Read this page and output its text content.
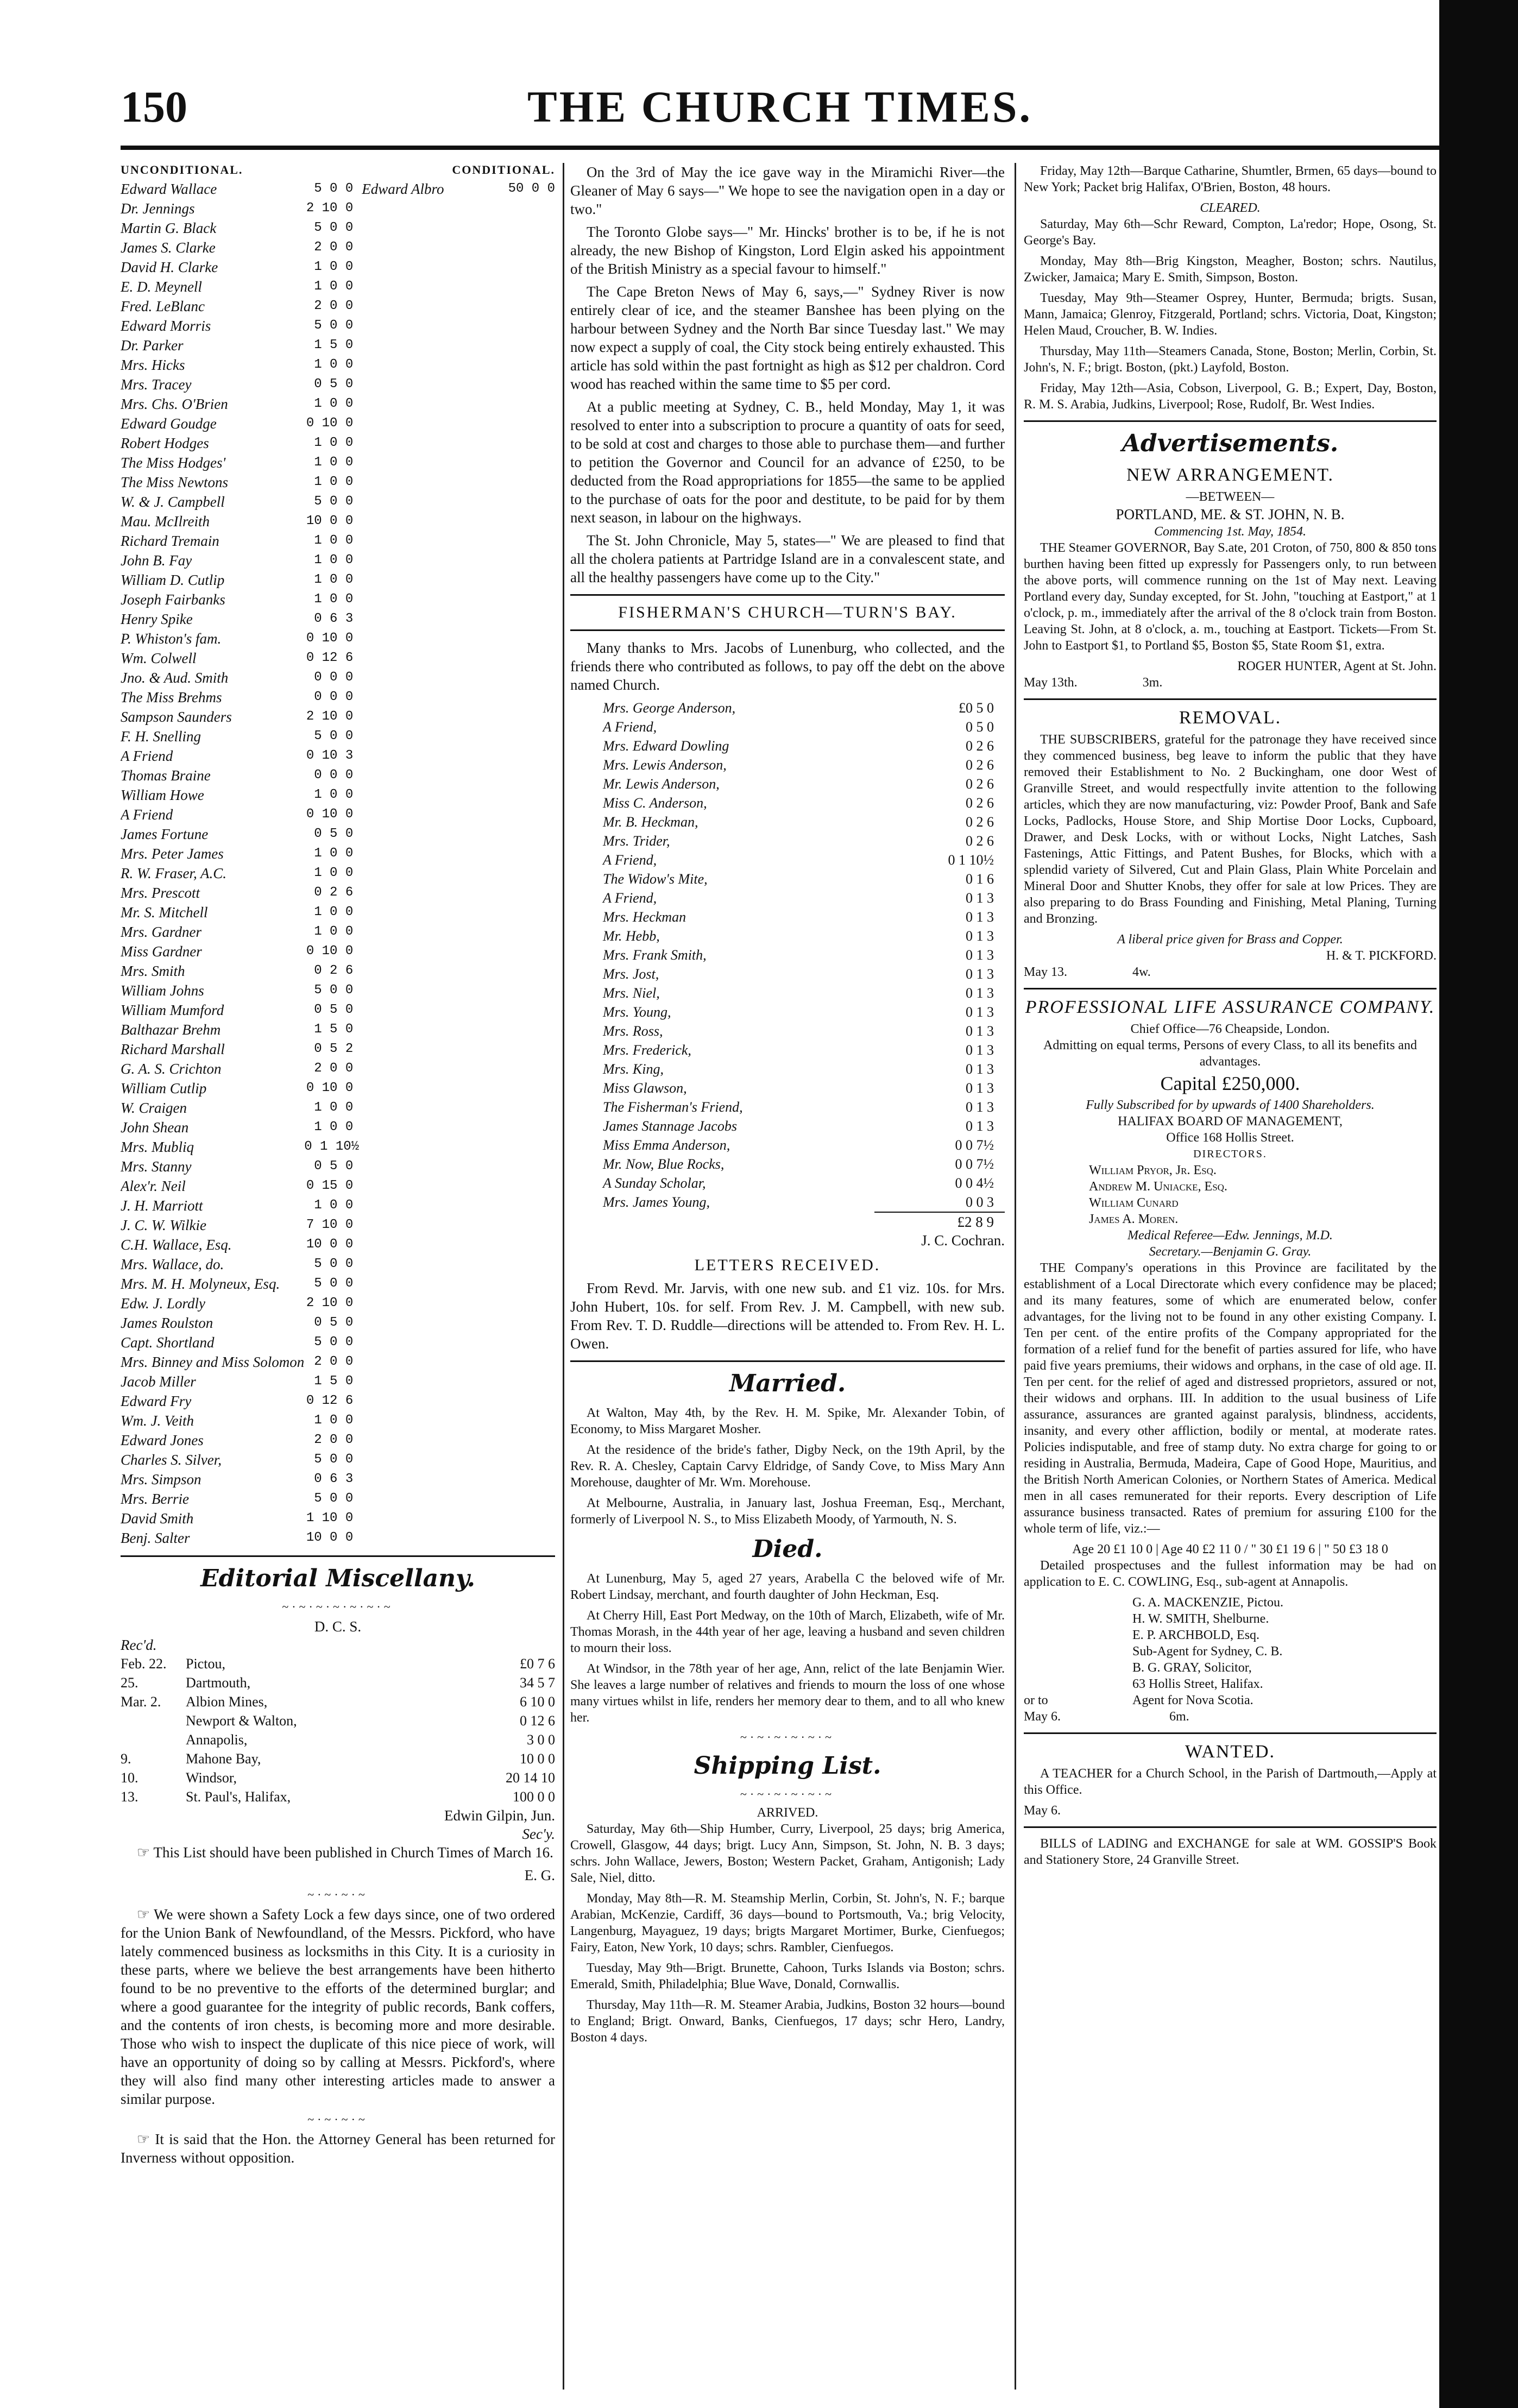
150	THE CHURCH TIMES.
UNCONDITIONAL.	CONDITIONAL.
Edward Wallace	5 0 0
Dr. Jennings	2 10 0
Martin G. Black	5 0 0
James S. Clarke	2 0 0
David H. Clarke	1 0 0
E. D. Meynell	1 0 0
Fred. LeBlanc	2 0 0
Edward Morris	5 0 0
Dr. Parker	1 5 0
Mrs. Hicks	1 0 0
Mrs. Tracey	0 5 0
Mrs. Chs. O'Brien	1 0 0
Edward Goudge	0 10 0
Robert Hodges	1 0 0
The Miss Hodges'	1 0 0
The Miss Newtons	1 0 0
W. & J. Campbell	5 0 0
Mau. McIlreith	10 0 0
Richard Tremain	1 0 0
John B. Fay	1 0 0
William D. Cutlip	1 0 0
Joseph Fairbanks	1 0 0
Henry Spike	0 6 3
P. Whiston's fam.	0 10 0
Wm. Colwell	0 12 6
Jno. & Aud. Smith	0 0 0
The Miss Brehms	0 0 0
Sampson Saunders	2 10 0
F. H. Snelling	5 0 0
A Friend	0 10 3
Thomas Braine	0 0 0
William Howe	1 0 0
A Friend	0 10 0
James Fortune	0 5 0
Mrs. Peter James	1 0 0
R. W. Fraser, A.C.	1 0 0
Mrs. Prescott	0 2 6
Mr. S. Mitchell	1 0 0
Mrs. Gardner	1 0 0
Miss Gardner	0 10 0
Mrs. Smith	0 2 6
William Johns	5 0 0
William Mumford	0 5 0
Balthazar Brehm	1 5 0
Richard Marshall	0 5 2
G. A. S. Crichton	2 0 0
William Cutlip	0 10 0
W. Craigen	1 0 0
John Shean	1 0 0
Mrs. Mubliq	0 1 10½
Mrs. Stanny	0 5 0
Alex'r. Neil	0 15 0
J. H. Marriott	1 0 0
J. C. W. Wilkie	7 10 0
C.H. Wallace, Esq.	10 0 0
Mrs. Wallace, do.	5 0 0
Mrs. M. H. Molyneux, Esq.	5 0 0
Edw. J. Lordly	2 10 0
James Roulston	0 5 0
Capt. Shortland	5 0 0
Mrs. Binney and Miss Solomon 2 0 0
Jacob Miller	1 5 0
Edward Fry	0 12 6
Wm. J. Veith	1 0 0
Edward Jones	2 0 0
Charles S. Silver,	5 0 0
Mrs. Simpson	0 6 3
Mrs. Berrie	5 0 0
David Smith	1 10 0
Benj. Salter	10 0 0
Edward Albro	50 0 0
Editorial Miscellany.
~·~·~·~·~·~·~
D. C. S.
Rec'd.
Feb. 22.	Pictou,	£0 7 6
25.	Dartmouth,	34 5 7
Mar. 2.	Albion Mines,	6 10 0
Newport & Walton,	0 12 6
Annapolis,	3 0 0
9.	Mahone Bay,	10 0 0
10.	Windsor,	20 14 10
13.	St. Paul's, Halifax,	100 0 0
Edwin Gilpin, Jun.
Sec'y.

☞ This List should have been published in Church Times of March 16.

E. G.
~·~·~·~

☞ We were shown a Safety Lock a few days since, one of two ordered for the Union Bank of Newfoundland, of the Messrs. Pickford, who have lately commenced business as locksmiths in this City. It is a curiosity in these parts, where we believe the best arrangements have been hitherto found to be no preventive to the efforts of the determined burglar; and where a good guarantee for the integrity of public records, Bank coffers, and the contents of iron chests, is becoming more and more desirable. Those who wish to inspect the duplicate of this nice piece of work, will have an opportunity of doing so by calling at Messrs. Pickford's, where they will also find many other interesting articles made to answer a similar purpose.

~·~·~·~

☞ It is said that the Hon. the Attorney General has been returned for Inverness without opposition.

On the 3rd of May the ice gave way in the Miramichi River—the Gleaner of May 6 says—" We hope to see the navigation open in a day or two."

The Toronto Globe says—" Mr. Hincks' brother is to be, if he is not already, the new Bishop of Kingston, Lord Elgin asked his appointment of the British Ministry as a special favour to himself."

The Cape Breton News of May 6, says,—" Sydney River is now entirely clear of ice, and the steamer Banshee has been plying on the harbour between Sydney and the North Bar since Tuesday last." We may now expect a supply of coal, the City stock being entirely exhausted. This article has sold within the past fortnight as high as $12 per chaldron. Cord wood has reached within the same time to $5 per cord.

At a public meeting at Sydney, C. B., held Monday, May 1, it was resolved to enter into a subscription to procure a quantity of oats for seed, to be sold at cost and charges to those able to purchase them—and further to petition the Governor and Council for an advance of £250, to be deducted from the Road appropriations for 1855—the same to be applied to the purchase of oats for the poor and destitute, to be paid for by them next season, in labour on the highways.

The St. John Chronicle, May 5, states—" We are pleased to find that all the cholera patients at Partridge Island are in a convalescent state, and all the healthy passengers have come up to the City."

FISHERMAN'S CHURCH—TURN'S BAY.

Many thanks to Mrs. Jacobs of Lunenburg, who collected, and the friends there who contributed as follows, to pay off the debt on the above named Church.

Mrs. George Anderson,	£0 5 0
A Friend,	0 5 0
Mrs. Edward Dowling	0 2 6
Mrs. Lewis Anderson,	0 2 6
Mr. Lewis Anderson,	0 2 6
Miss C. Anderson,	0 2 6
Mr. B. Heckman,	0 2 6
Mrs. Trider,	0 2 6
A Friend,	0 1 10½
The Widow's Mite,	0 1 6
A Friend,	0 1 3
Mrs. Heckman	0 1 3
Mr. Hebb,	0 1 3
Mrs. Frank Smith,	0 1 3
Mrs. Jost,	0 1 3
Mrs. Niel,	0 1 3
Mrs. Young,	0 1 3
Mrs. Ross,	0 1 3
Mrs. Frederick,	0 1 3
Mrs. King,	0 1 3
Miss Glawson,	0 1 3
The Fisherman's Friend,	0 1 3
James Stannage Jacobs	0 1 3
Miss Emma Anderson,	0 0 7½
Mr. Now, Blue Rocks,	0 0 7½
A Sunday Scholar,	0 0 4½
Mrs. James Young,	0 0 3
£2 8 9
J. C. Cochran.
LETTERS RECEIVED.

From Revd. Mr. Jarvis, with one new sub. and £1 viz. 10s. for Mrs. John Hubert, 10s. for self. From Rev. J. M. Campbell, with new sub. From Rev. T. D. Ruddle—directions will be attended to. From Rev. H. L. Owen.

Married.

At Walton, May 4th, by the Rev. H. M. Spike, Mr. Alexander Tobin, of Economy, to Miss Margaret Mosher.

At the residence of the bride's father, Digby Neck, on the 19th April, by the Rev. R. A. Chesley, Captain Carvy Eldridge, of Sandy Cove, to Miss Mary Ann Morehouse, daughter of Mr. Wm. Morehouse.

At Melbourne, Australia, in January last, Joshua Freeman, Esq., Merchant, formerly of Liverpool N. S., to Miss Elizabeth Moody, of Yarmouth, N. S.

Died.

At Lunenburg, May 5, aged 27 years, Arabella C the beloved wife of Mr. Robert Lindsay, merchant, and fourth daughter of John Heckman, Esq.

At Cherry Hill, East Port Medway, on the 10th of March, Elizabeth, wife of Mr. Thomas Morash, in the 44th year of her age, leaving a husband and seven children to mourn their loss.

At Windsor, in the 78th year of her age, Ann, relict of the late Benjamin Wier. She leaves a large number of relatives and friends to mourn the loss of one whose many virtues whilst in life, renders her memory dear to them, and to all who knew her.

~·~·~·~·~·~
Shipping List.
~·~·~·~·~·~
ARRIVED.

Saturday, May 6th—Ship Humber, Curry, Liverpool, 25 days; brig America, Crowell, Glasgow, 44 days; brigt. Lucy Ann, Simpson, St. John, N. B. 3 days; schrs. John Wallace, Jewers, Boston; Western Packet, Graham, Antigonish; Lady Sale, Niel, ditto.

Monday, May 8th—R. M. Steamship Merlin, Corbin, St. John's, N. F.; barque Arabian, McKenzie, Cardiff, 36 days—bound to Portsmouth, Va.; brig Velocity, Langenburg, Mayaguez, 19 days; brigts Margaret Mortimer, Burke, Cienfuegos; Fairy, Eaton, New York, 10 days; schrs. Rambler, Cienfuegos.

Tuesday, May 9th—Brigt. Brunette, Cahoon, Turks Islands via Boston; schrs. Emerald, Smith, Philadelphia; Blue Wave, Donald, Cornwallis.

Thursday, May 11th—R. M. Steamer Arabia, Judkins, Boston 32 hours—bound to England; Brigt. Onward, Banks, Cienfuegos, 17 days; schr Hero, Landry, Boston 4 days.

Friday, May 12th—Barque Catharine, Shumtler, Brmen, 65 days—bound to New York; Packet brig Halifax, O'Brien, Boston, 48 hours.

CLEARED.

Saturday, May 6th—Schr Reward, Compton, La'redor; Hope, Osong, St. George's Bay.

Monday, May 8th—Brig Kingston, Meagher, Boston; schrs. Nautilus, Zwicker, Jamaica; Mary E. Smith, Simpson, Boston.

Tuesday, May 9th—Steamer Osprey, Hunter, Bermuda; brigts. Susan, Mann, Jamaica; Glenroy, Fitzgerald, Portland; schrs. Victoria, Doat, Kingston; Helen Maud, Croucher, B. W. Indies.

Thursday, May 11th—Steamers Canada, Stone, Boston; Merlin, Corbin, St. John's, N. F.; brigt. Boston, (pkt.) Layfold, Boston.

Friday, May 12th—Asia, Cobson, Liverpool, G. B.; Expert, Day, Boston, R. M. S. Arabia, Judkins, Liverpool; Rose, Rudolf, Br. West Indies.

Advertisements.
NEW ARRANGEMENT.
—BETWEEN—
PORTLAND, ME. & ST. JOHN, N. B.
Commencing 1st. May, 1854.

THE Steamer GOVERNOR, Bay S.ate, 201 Croton, of 750, 800 & 850 tons burthen having been fitted up expressly for Passengers only, to run between the above ports, will commence running on the 1st of May next. Leaving Portland every day, Sunday excepted, for St. John, "touching at Eastport," at 1 o'clock, p. m., immediately after the arrival of the 8 o'clock train from Boston. Leaving St. John, at 8 o'clock, a. m., touching at Eastport. Tickets—From St. John to Eastport $1, to Portland $5, Boston $5, State Room $1, extra.

ROGER HUNTER, Agent at St. John.
May 13th.	3m.
REMOVAL.

THE SUBSCRIBERS, grateful for the patronage they have received since they commenced business, beg leave to inform the public that they have removed their Establishment to No. 2 Buckingham, one door West of Granville Street, and would respectfully invite attention to the following articles, which they are now manufacturing, viz: Powder Proof, Bank and Safe Locks, Padlocks, House Store, and Ship Mortise Door Locks, Cupboard, Drawer, and Desk Locks, with or without Locks, Night Latches, Sash Fastenings, Attic Fittings, and Patent Bushes, for Blocks, which with a splendid variety of Silvered, Cut and Plain Glass, Plain White Porcelain and Mineral Door and Shutter Knobs, they offer for sale at low Prices. They are also preparing to do Brass Founding and Finishing, Metal Planing, Turning and Bronzing.

A liberal price given for Brass and Copper.
H. & T. PICKFORD.
May 13.	4w.
PROFESSIONAL LIFE ASSURANCE COMPANY.
Chief Office—76 Cheapside, London.
Admitting on equal terms, Persons of every Class, to all its benefits and advantages.
Capital £250,000.
Fully Subscribed for by upwards of 1400 Shareholders.
HALIFAX BOARD OF MANAGEMENT,
Office 168 Hollis Street.
DIRECTORS.
William Pryor, Jr. Esq.
Andrew M. Uniacke, Esq.
William Cunard
James A. Moren.
Medical Referee—Edw. Jennings, M.D.
Secretary.—Benjamin G. Gray.

THE Company's operations in this Province are facilitated by the establishment of a Local Directorate which every confidence may be placed; and its many features, some of which are enumerated below, confer advantages, for the living not to be found in any other existing Company. I. Ten per cent. of the entire profits of the Company appropriated for the formation of a relief fund for the benefit of parties assured for life, who have paid five years premiums, their widows and orphans, in the case of old age. II. Ten per cent. for the relief of aged and distressed proprietors, assured or not, their widows and orphans. III. In addition to the usual business of Life assurance, assurances are granted against paralysis, blindness, accidents, insanity, and every other affliction, bodily or mental, at moderate rates. Policies indisputable, and free of stamp duty. No extra charge for going to or residing in Australia, Bermuda, Madeira, Cape of Good Hope, Mauritius, and the British North American Colonies, or Northern States of America. Medical men in all cases remunerated for their reports. Every description of Life assurance business transacted. Rates of premium for assuring £100 for the whole term of life, viz.:—

Age 20 £1 10 0 | Age 40 £2 11 0 / " 30 £1 19 6 | " 50 £3 18 0

Detailed prospectuses and the fullest information may be had on application to E. C. COWLING, Esq., sub-agent at Annapolis.

or to
G. A. MACKENZIE, Pictou.
H. W. SMITH, Shelburne.
E. P. ARCHBOLD, Esq.
Sub-Agent for Sydney, C. B.
B. G. GRAY, Solicitor,
63 Hollis Street, Halifax.
Agent for Nova Scotia.
May 6.	6m.
WANTED.

A TEACHER for a Church School, in the Parish of Dartmouth,—Apply at this Office.

May 6.

BILLS of LADING and EXCHANGE for sale at WM. GOSSIP'S Book and Stationery Store, 24 Granville Street.
